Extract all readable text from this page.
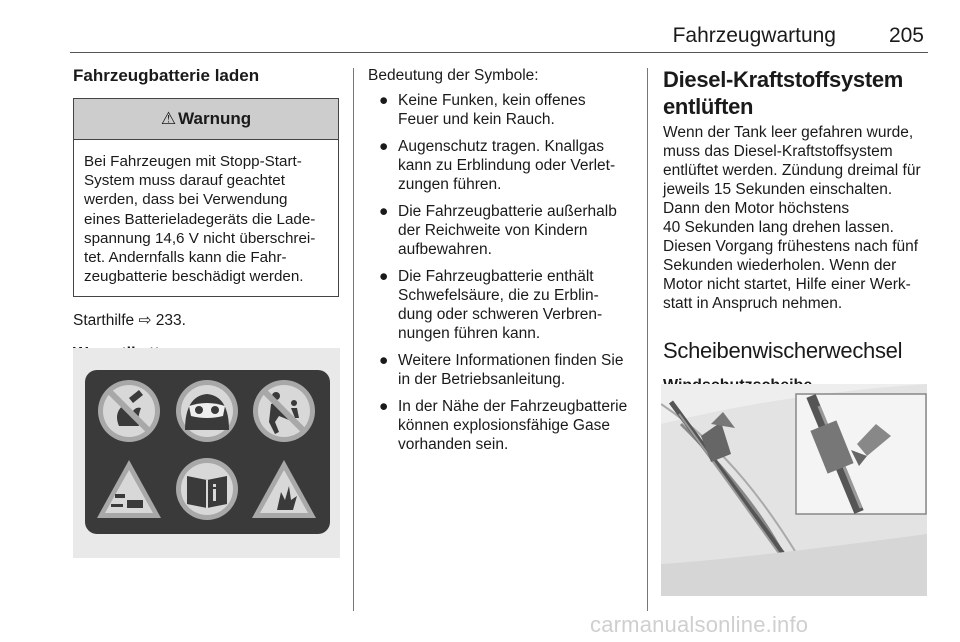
Fahrzeugwartung	205
Fahrzeugbatterie laden
⚠ Warnung
Bei Fahrzeugen mit Stopp-Start-
System muss darauf geachtet
werden, dass bei Verwendung
eines Batterieladegeräts die Lade-
spannung 14,6 V nicht überschrei-
tet. Andernfalls kann die Fahr-
zeugbatterie beschädigt werden.

Starthilfe ⇨ 233.

Bedeutung der Symbole:

● Keine Funken, kein offenes
Feuer und kein Rauch.
● Augenschutz tragen. Knallgas
kann zu Erblindung oder Verlet-
zungen führen.
● Die Fahrzeugbatterie außerhalb
der Reichweite von Kindern
aufbewahren.
● Die Fahrzeugbatterie enthält
Schwefelsäure, die zu Erblin-
dung oder schweren Verbren-
nungen führen kann.
● Weitere Informationen finden Sie
in der Betriebsanleitung.
● In der Nähe der Fahrzeugbatterie
können explosionsfähige Gase
vorhanden sein.
Diesel-Kraftstoffsystem
entlüften

Wenn der Tank leer gefahren wurde,
muss das Diesel-Kraftstoffsystem
entlüftet werden. Zündung dreimal für
jeweils 15 Sekunden einschalten.
Dann den Motor höchstens
40 Sekunden lang drehen lassen.
Diesen Vorgang frühestens nach fünf
Sekunden wiederholen. Wenn der
Motor nicht startet, Hilfe einer Werk-
statt in Anspruch nehmen.

Scheibenwischerwechsel
carmanualsonline.info
